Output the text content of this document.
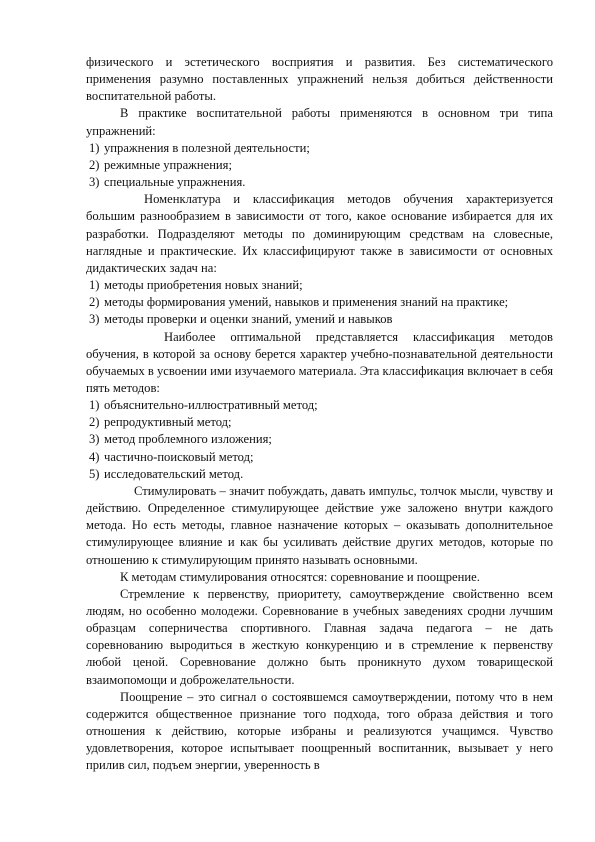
физического и эстетического восприятия и развития. Без систематического применения разумно поставленных упражнений нельзя добиться действенности воспитательной работы.

В практике воспитательной работы применяются в основном три типа упражнений:

1) упражнения в полезной деятельности;
2) режимные упражнения;
3) специальные упражнения.

Номенклатура и классификация методов обучения характеризуется большим разнообразием в зависимости от того, какое основание избирается для их разработки. Подразделяют методы по доминирующим средствам на словесные, наглядные и практические. Их классифицируют также в зависимости от основных дидактических задач на:

1) методы приобретения новых знаний;
2) методы формирования умений, навыков и применения знаний на практике;
3) методы проверки и оценки знаний, умений и навыков

Наиболее оптимальной представляется классификация методов обучения, в которой за основу берется характер учебно-познавательной деятельности обучаемых в усвоении ими изучаемого материала. Эта классификация включает в себя пять методов:

1) объяснительно-иллюстративный метод;
2) репродуктивный метод;
3) метод проблемного изложения;
4) частично-поисковый метод;
5) исследовательский метод.

Стимулировать – значит побуждать, давать импульс, толчок мысли, чувству и действию. Определенное стимулирующее действие уже заложено внутри каждого метода. Но есть методы, главное назначение которых – оказывать дополнительное стимулирующее влияние и как бы усиливать действие других методов, которые по отношению к стимулирующим принято называть основными.

К методам стимулирования относятся: соревнование и поощрение.

Стремление к первенству, приоритету, самоутверждение свойственно всем людям, но особенно молодежи. Соревнование в учебных заведениях сродни лучшим образцам соперничества спортивного. Главная задача педагога – не дать соревнованию выродиться в жесткую конкуренцию и в стремление к первенству любой ценой. Соревнование должно быть проникнуто духом товарищеской взаимопомощи и доброжелательности.

Поощрение – это сигнал о состоявшемся самоутверждении, потому что в нем содержится общественное признание того подхода, того образа действия и того отношения к действию, которые избраны и реализуются учащимся. Чувство удовлетворения, которое испытывает поощренный воспитанник, вызывает у него прилив сил, подъем энергии, уверенность в
